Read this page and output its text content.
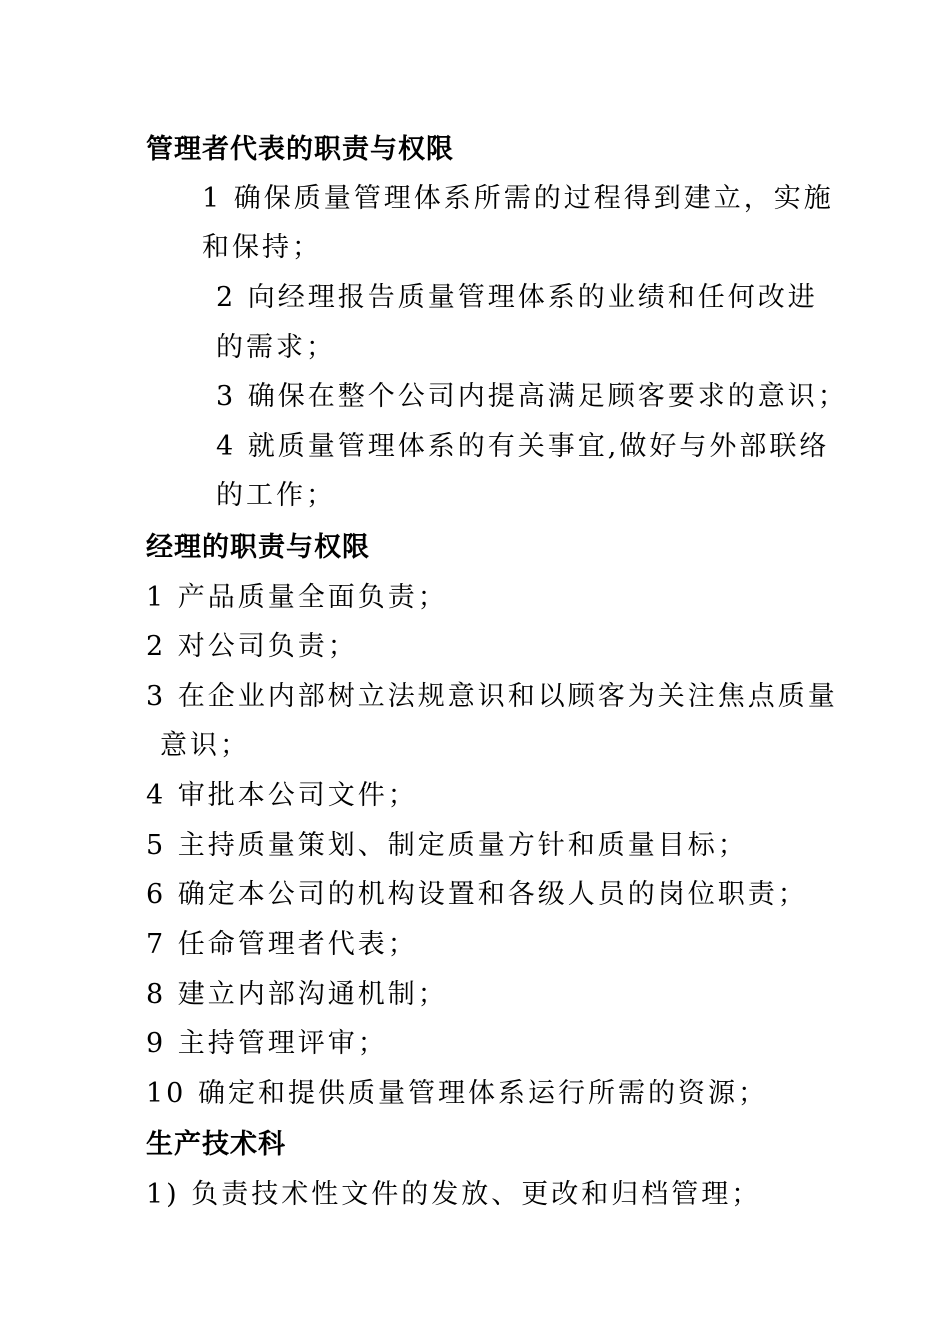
管理者代表的职责与权限
1 确保质量管理体系所需的过程得到建立，实施
和保持；
2 向经理报告质量管理体系的业绩和任何改进
的需求；
3 确保在整个公司内提高满足顾客要求的意识；
4 就质量管理体系的有关事宜,做好与外部联络
的工作；
经理的职责与权限
1 产品质量全面负责；
2 对公司负责；
3 在企业内部树立法规意识和以顾客为关注焦点质量
意识；
4 审批本公司文件；
5 主持质量策划、制定质量方针和质量目标；
6 确定本公司的机构设置和各级人员的岗位职责；
7 任命管理者代表；
8 建立内部沟通机制；
9 主持管理评审；
10 确定和提供质量管理体系运行所需的资源；
生产技术科
1) 负责技术性文件的发放、更改和归档管理；
